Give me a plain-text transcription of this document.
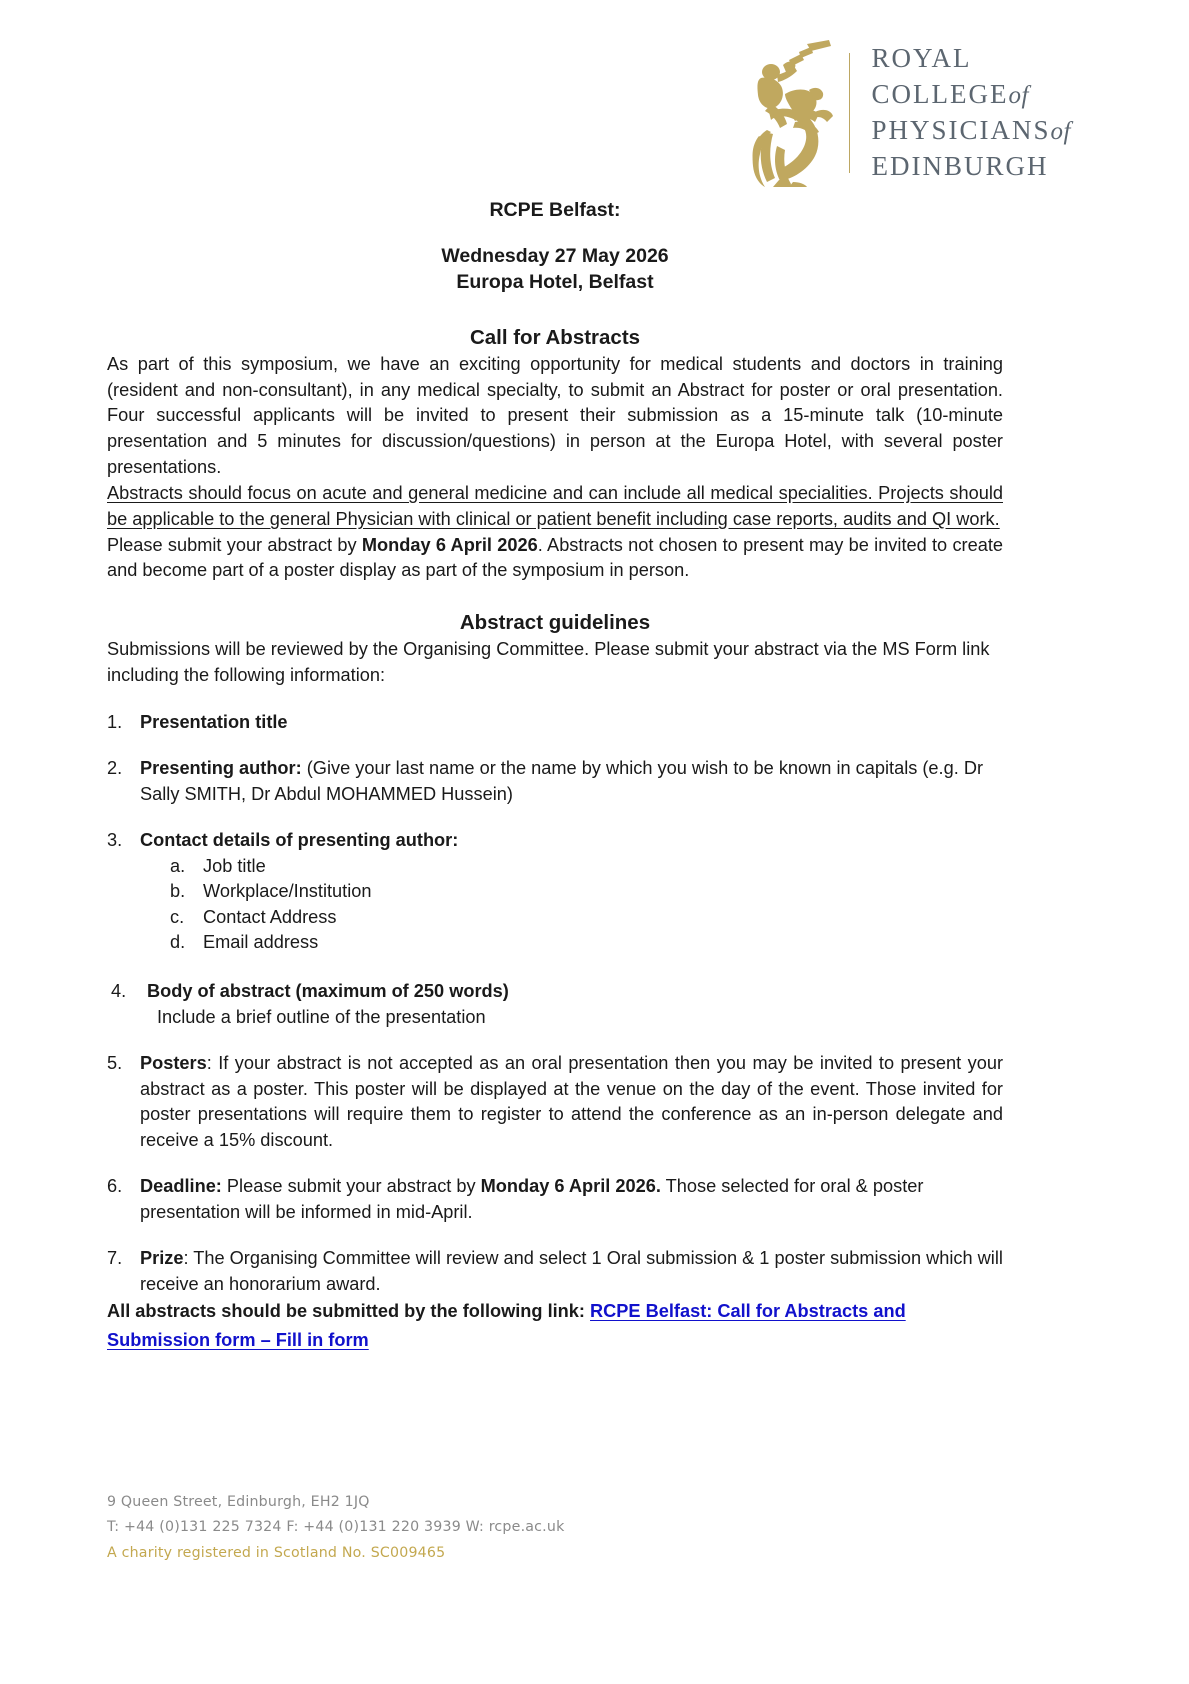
ROYAL
COLLEGEof
PHYSICIANSof
EDINBURGH

RCPE Belfast:

Wednesday 27 May 2026

Europa Hotel, Belfast

Call for Abstracts

As part of this symposium, we have an exciting opportunity for medical students and doctors in training (resident and non-consultant), in any medical specialty, to submit an Abstract for poster or oral presentation. Four successful applicants will be invited to present their submission as a 15-minute talk (10-minute presentation and 5 minutes for discussion/questions) in person at the Europa Hotel, with several poster presentations.

Abstracts should focus on acute and general medicine and can include all medical specialities. Projects should be applicable to the general Physician with clinical or patient benefit including case reports, audits and QI work.

Please submit your abstract by Monday 6 April 2026. Abstracts not chosen to present may be invited to create and become part of a poster display as part of the symposium in person.

Abstract guidelines

Submissions will be reviewed by the Organising Committee. Please submit your abstract via the MS Form link including the following information:

1. Presentation title
2. Presenting author: (Give your last name or the name by which you wish to be known in capitals (e.g. Dr Sally SMITH, Dr Abdul MOHAMMED Hussein)
3. Contact details of presenting author:
a. Job title
b. Workplace/Institution
c.	Contact Address
d. Email address
4.	Body of abstract (maximum of 250 words)
Include a brief outline of the presentation
5. Posters: If your abstract is not accepted as an oral presentation then you may be invited to present your abstract as a poster. This poster will be displayed at the venue on the day of the event. Those invited for poster presentations will require them to register to attend the conference as an in-person delegate and receive a 15% discount.
6. Deadline: Please submit your abstract by Monday 6 April 2026. Those selected for oral & poster presentation will be informed in mid-April.
7. Prize: The Organising Committee will review and select 1 Oral submission & 1 poster submission which will receive an honorarium award.

All abstracts should be submitted by the following link: RCPE Belfast: Call for Abstracts and Submission form – Fill in form

9 Queen Street, Edinburgh, EH2 1JQ
T: +44 (0)131 225 7324 F: +44 (0)131 220 3939 W: rcpe.ac.uk
A charity registered in Scotland No. SC009465
